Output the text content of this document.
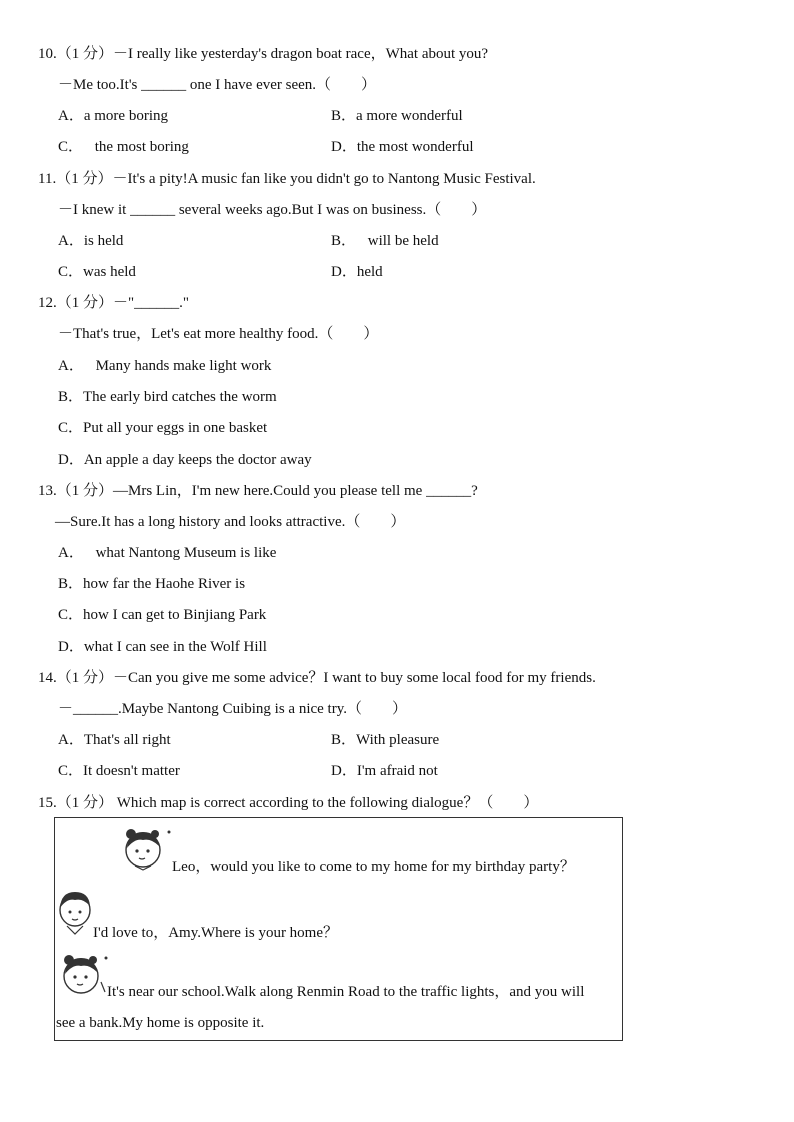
10.（1 分）－I really like yesterday's dragon boat race，What about you?
－Me too.It's ______ one I have ever seen.（　　）
A．a more boring	B．a more wonderful
C． the most boring	D．the most wonderful
11.（1 分）－It's a pity!A music fan like you didn't go to Nantong Music Festival.
－I knew it ______ several weeks ago.But I was on business.（　　）
A．is held	B． will be held
C．was held	D．held
12.（1 分）－"______."
－That's true，Let's eat more healthy food.（　　）
A． Many hands make light work
B．The early bird catches the worm
C．Put all your eggs in one basket
D．An apple a day keeps the doctor away
13.（1 分）—Mrs Lin，I'm new here.Could you please tell me ______?
—Sure.It has a long history and looks attractive.（　　）
A． what Nantong Museum is like
B．how far the Haohe River is
C．how I can get to Binjiang Park
D．what I can see in the Wolf Hill
14.（1 分）－Can you give me some advice？I want to buy some local food for my friends.
－______.Maybe Nantong Cuibing is a nice try.（　　）
A．That's all right	B．With pleasure
C．It doesn't matter	D．I'm afraid not
15.（1 分） Which map is correct according to the following dialogue？（　　）
Leo，would you like to come to my home for my birthday party？
I'd love to，Amy.Where is your home？
It's near our school.Walk along Renmin Road to the traffic lights，and you will
see a bank.My home is opposite it.
